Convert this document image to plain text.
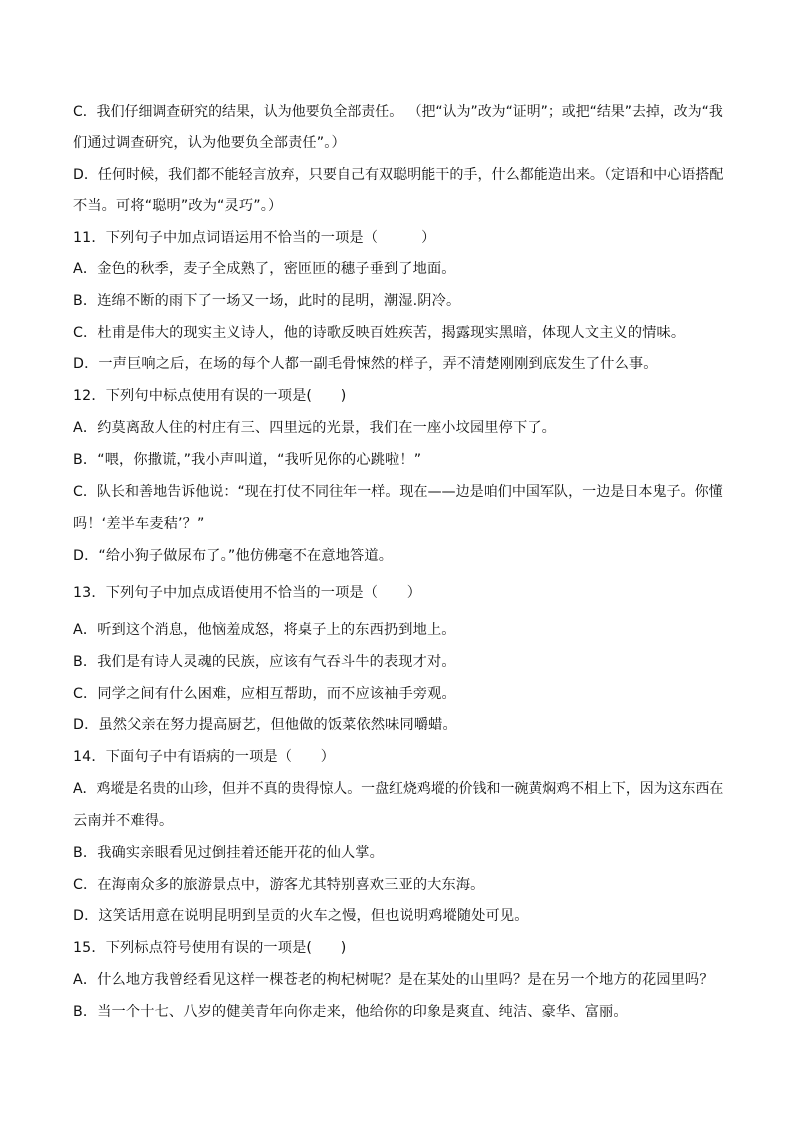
C．我们仔细调查研究的结果，认为他要负全部责任。 （把“认为”改为“证明”；或把“结果”去掉，改为“我
们通过调查研究，认为他要负全部责任”。）
D．任何时候，我们都不能轻言放弃，只要自己有双聪明能干的手，什么都能造出来。（定语和中心语搭配
不当。可将“聪明”改为“灵巧”。）
11．下列句子中加点词语运用不恰当的一项是（　　　）
A．金色的秋季，麦子全成熟了，密匝匝的穗子垂到了地面。
B．连绵不断的雨下了一场又一场，此时的昆明，潮湿.阴冷。
C．杜甫是伟大的现实主义诗人，他的诗歌反映百姓疾苦，揭露现实黑暗，体现人文主义的情味。
D．一声巨响之后，在场的每个人都一副毛骨悚然的样子，弄不清楚刚刚到底发生了什么事。
12．下列句中标点使用有误的一项是(　　)
A．约莫离敌人住的村庄有三、四里远的光景，我们在一座小坟园里停下了。
B．“喂，你撒谎，”我小声叫道，“我听见你的心跳啦！”
C．队长和善地告诉他说：“现在打仗不同往年一样。现在——边是咱们中国军队，一边是日本鬼子。你懂
吗！‘差半车麦秸’？”
D．“给小狗子做尿布了。”他仿佛毫不在意地答道。
13．下列句子中加点成语使用不恰当的一项是（　　）
A．听到这个消息，他恼羞成怒，将桌子上的东西扔到地上。
B．我们是有诗人灵魂的民族，应该有气吞斗牛的表现才对。
C．同学之间有什么困难，应相互帮助，而不应该袖手旁观。
D．虽然父亲在努力提高厨艺，但他做的饭菜依然味同嚼蜡。
14．下面句子中有语病的一项是（　　）
A．鸡㙡是名贵的山珍，但并不真的贵得惊人。一盘红烧鸡㙡的价钱和一碗黄焖鸡不相上下，因为这东西在
云南并不难得。
B．我确实亲眼看见过倒挂着还能开花的仙人掌。
C．在海南众多的旅游景点中，游客尤其特别喜欢三亚的大东海。
D．这笑话用意在说明昆明到呈贡的火车之慢，但也说明鸡㙡随处可见。
15．下列标点符号使用有误的一项是(　　)
A．什么地方我曾经看见这样一棵苍老的枸杞树呢？是在某处的山里吗？是在另一个地方的花园里吗？
B．当一个十七、八岁的健美青年向你走来，他给你的印象是爽直、纯洁、豪华、富丽。
